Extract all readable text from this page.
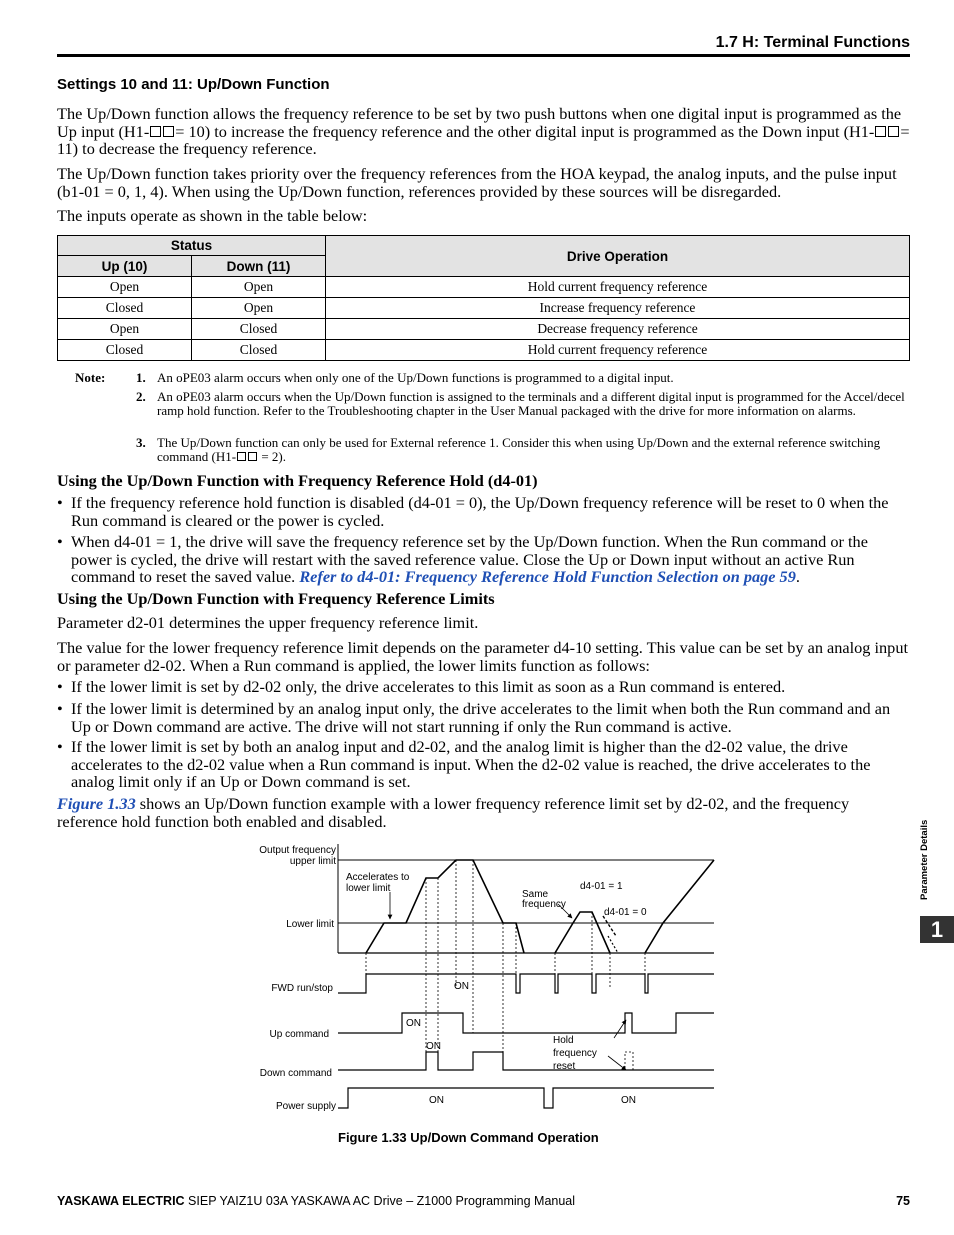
1.7 H: Terminal Functions
Settings 10 and 11: Up/Down Function
The Up/Down function allows the frequency reference to be set by two push buttons when one digital input is programmed as the Up input (H1- = 10) to increase the frequency reference and the other digital input is programmed as the Down input (H1- = 11) to decrease the frequency reference.
The Up/Down function takes priority over the frequency references from the HOA keypad, the analog inputs, and the pulse input (b1-01 = 0, 1, 4). When using the Up/Down function, references provided by these sources will be disregarded.
The inputs operate as shown in the table below:
Status		Drive Operation
Up (10)	Down (11)	
Open	Open	Hold current frequency reference
Closed	Open	Increase frequency reference
Open	Closed	Decrease frequency reference
Closed	Closed	Hold current frequency reference
Note: 1. An oPE03 alarm occurs when only one of the Up/Down functions is programmed to a digital input.
2. An oPE03 alarm occurs when the Up/Down function is assigned to the terminals and a different digital input is programmed for the Accel/decel ramp hold function. Refer to the Troubleshooting chapter in the User Manual packaged with the drive for more information on alarms.
3. The Up/Down function can only be used for External reference 1. Consider this when using Up/Down and the external reference switching command (H1- = 2).
Using the Up/Down Function with Frequency Reference Hold (d4-01)
• If the frequency reference hold function is disabled (d4-01 = 0), the Up/Down frequency reference will be reset to 0 when the Run command is cleared or the power is cycled.
• When d4-01 = 1, the drive will save the frequency reference set by the Up/Down function. When the Run command or the power is cycled, the drive will restart with the saved reference value. Close the Up or Down input without an active Run command to reset the saved value. Refer to d4-01: Frequency Reference Hold Function Selection on page 59.
Using the Up/Down Function with Frequency Reference Limits
Parameter d2-01 determines the upper frequency reference limit.
The value for the lower frequency reference limit depends on the parameter d4-10 setting. This value can be set by an analog input or parameter d2-02. When a Run command is applied, the lower limits function as follows:
• If the lower limit is set by d2-02 only, the drive accelerates to this limit as soon as a Run command is entered.
• If the lower limit is determined by an analog input only, the drive accelerates to the limit when both the Run command and an Up or Down command are active. The drive will not start running if only the Run command is active.
• If the lower limit is set by both an analog input and d2-02, and the analog limit is higher than the d2-02 value, the drive accelerates to the d2-02 value when a Run command is input. When the d2-02 value is reached, the drive accelerates to the analog limit only if an Up or Down command is set.
Figure 1.33 shows an Up/Down function example with a lower frequency reference limit set by d2-02, and the frequency reference hold function both enabled and disabled.
Output frequency
upper limit
Lower limit
FWD run/stop
Up command
Down command
Power supply
Accelerates to
lower limit
Same
frequency
d4-01 = 1
d4-01 = 0
ON
ON
ON
Hold
frequency
reset
ON	ON
Figure 1.33 Up/Down Command Operation
YASKAWA ELECTRIC SIEP YAIZ1U 03A YASKAWA AC Drive – Z1000 Programming Manual	75
Parameter Details
1
